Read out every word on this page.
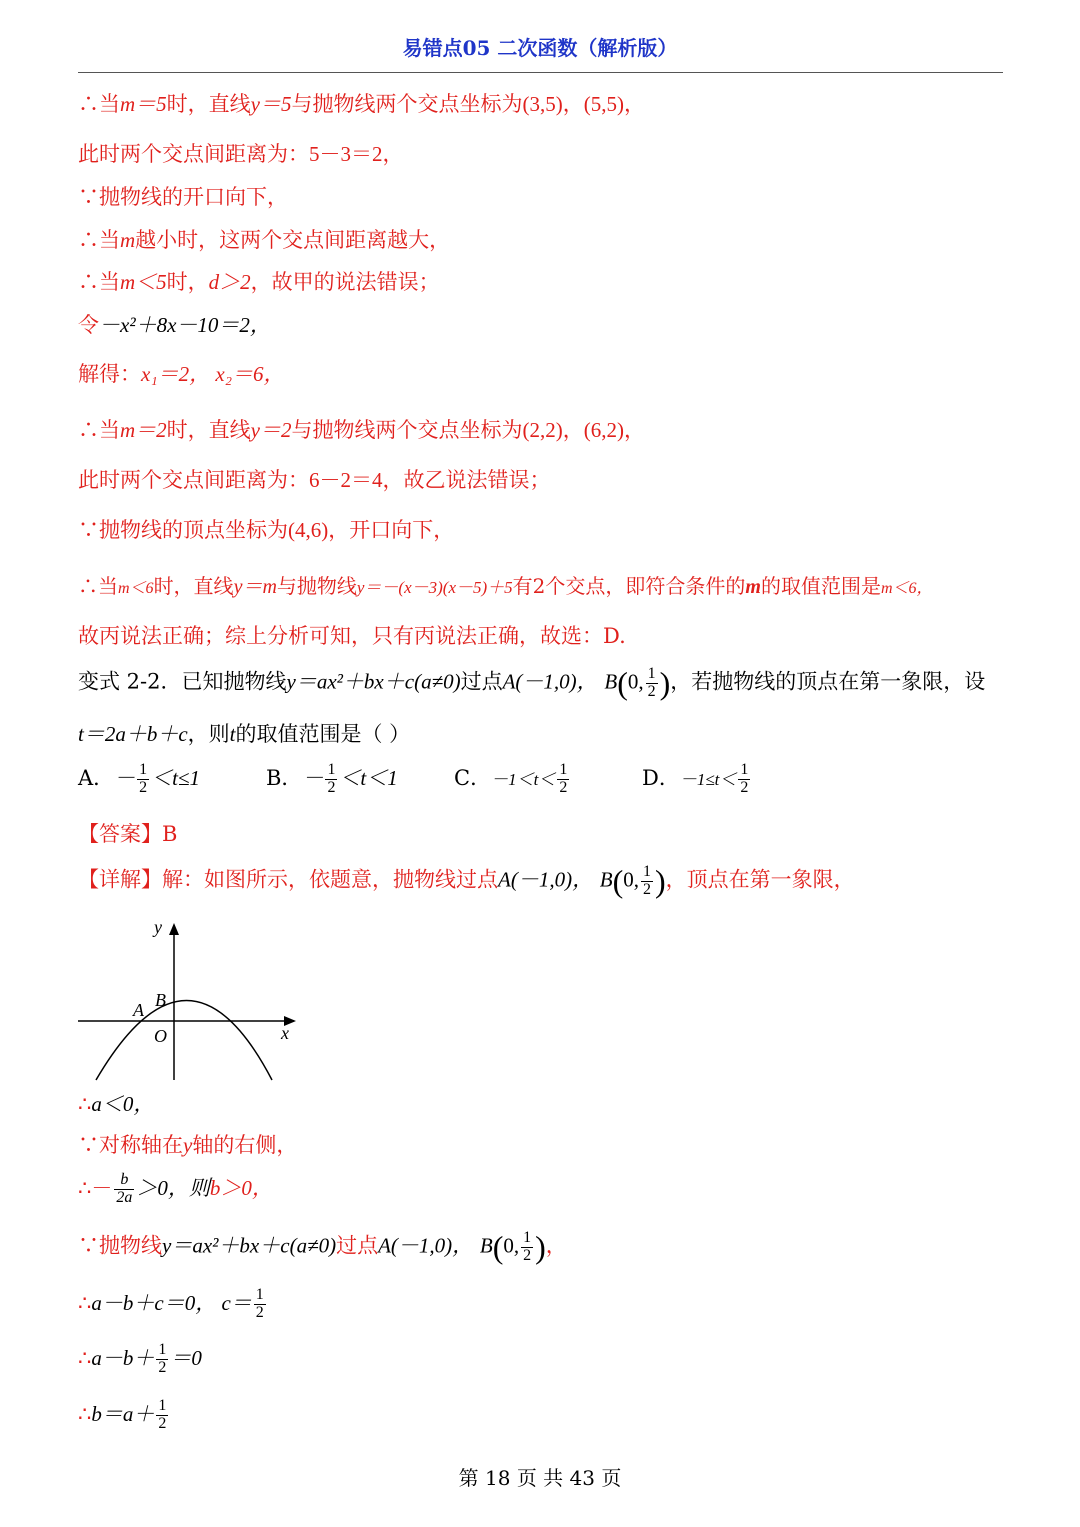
易错点05 二次函数（解析版）
∴当m＝5时，直线y＝5与抛物线两个交点坐标为(3,5)，(5,5)，
此时两个交点间距离为：5－3＝2，
∵抛物线的开口向下，
∴当m越小时，这两个交点间距离越大，
∴当m＜5时，d＞2，故甲的说法错误；
令－x²＋8x－10＝2，
解得：x₁＝2， x₂＝6，
∴当m＝2时，直线y＝2与抛物线两个交点坐标为(2,2)，(6,2)，
此时两个交点间距离为：6－2＝4，故乙说法错误；
∵抛物线的顶点坐标为(4,6)，开口向下，
∴当m＜6时，直线y＝m与抛物线y＝－(x－3)(x－5)＋5有2个交点，即符合条件的m的取值范围是m＜6，
故丙说法正确；综上分析可知，只有丙说法正确，故选：D.
变式 2-2．已知抛物线y＝ax²＋bx＋c(a≠0)过点A(－1,0)， B(0, $\frac{1}{2}$ )，若抛物线的顶点在第一象限，设
t＝2a＋b＋c，则t的取值范围是（ ）
A．－ $\frac{1}{2} <t\le 1$	B．－ $\frac{1}{2} <t<1$	C．$-1<t< \frac{1}{2}$	D．$-1\le t< \frac{1}{2}$
【答案】B
【详解】解：如图所示，依题意，抛物线过点A(－1,0)， B(0, $\frac{1}{2}$ )，顶点在第一象限，
y
x
A B
O
∴a＜0，
∵对称轴在y轴的右侧，
∴－ $\frac{b}{2a} >0$，则b＞0，
∵抛物线y＝ax²＋bx＋c(a≠0)过点A(－1,0)， B(0, $\frac{1}{2}$ )，
∴a－b＋c＝0， $c= \frac{1}{2}$
∴a－b＋ $\frac{1}{2} =0$
∴b＝a＋ $\frac{1}{2}$
第 18 页 共 43 页
